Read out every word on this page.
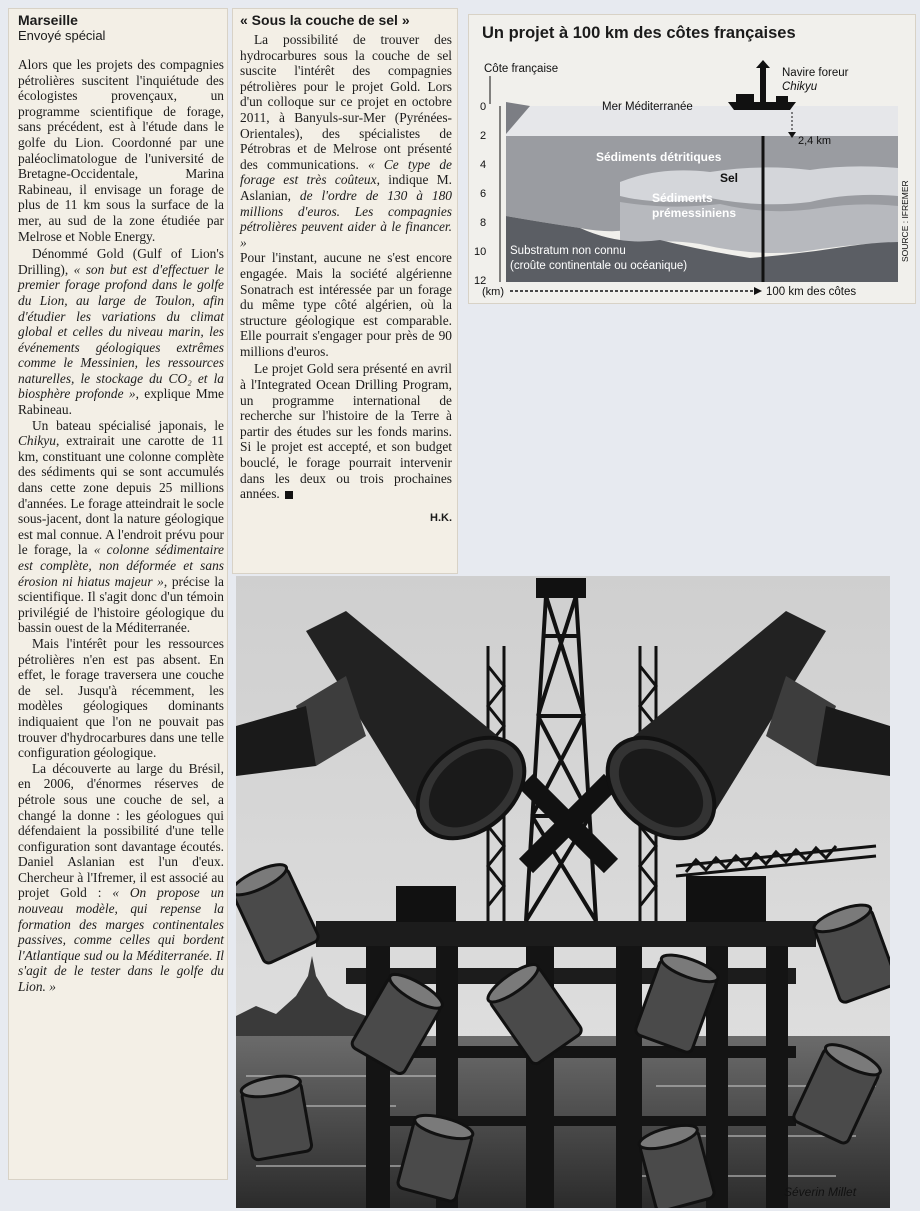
Marseille
Envoyé spécial

Alors que les projets des compagnies pétrolières suscitent l'inquiétude des écologistes provençaux, un programme scientifique de forage, sans précédent, est à l'étude dans le golfe du Lion. Coordonné par une paléoclimatologue de l'université de Bretagne-Occidentale, Marina Rabineau, il envisage un forage de plus de 11 km sous la surface de la mer, au sud de la zone étudiée par Melrose et Noble Energy.

Dénommé Gold (Gulf of Lion's Drilling), « son but est d'effectuer le premier forage profond dans le golfe du Lion, au large de Toulon, afin d'étudier les variations du climat global et celles du niveau marin, les événements géologiques extrêmes comme le Messinien, les ressources naturelles, le stockage du CO₂ et la biosphère profonde », explique Mme Rabineau.

Un bateau spécialisé japonais, le Chikyu, extrairait une carotte de 11 km, constituant une colonne complète des sédiments qui se sont accumulés dans cette zone depuis 25 millions d'années. Le forage atteindrait le socle sous-jacent, dont la nature géologique est mal connue. A l'endroit prévu pour le forage, la « colonne sédimentaire est complète, non déformée et sans érosion ni hiatus majeur », précise la scientifique. Il s'agit donc d'un témoin privilégié de l'histoire géologique du bassin ouest de la Méditerranée.

Mais l'intérêt pour les ressources pétrolières n'en est pas absent. En effet, le forage traversera une couche de sel. Jusqu'à récemment, les modèles géologiques dominants indiquaient que l'on ne pouvait pas trouver d'hydrocarbures dans une telle configuration géologique.

La découverte au large du Brésil, en 2006, d'énormes réserves de pétrole sous une couche de sel, a changé la donne : les géologues qui défendaient la possibilité d'une telle configuration sont davantage écoutés. Daniel Aslanian est l'un d'eux. Chercheur à l'Ifremer, il est associé au projet Gold : « On propose un nouveau modèle, qui repense la formation des marges continentales passives, comme celles qui bordent l'Atlantique sud ou la Méditerranée. Il s'agit de le tester dans le golfe du Lion. »

« Sous la couche de sel »

La possibilité de trouver des hydrocarbures sous la couche de sel suscite l'intérêt des compagnies pétrolières pour le projet Gold. Lors d'un colloque sur ce projet en octobre 2011, à Banyuls-sur-Mer (Pyrénées-Orientales), des spécialistes de Pétrobras et de Melrose ont présenté des communications. « Ce type de forage est très coûteux, indique M. Aslanian, de l'ordre de 130 à 180 millions d'euros. Les compagnies pétrolières peuvent aider à le financer. »

Pour l'instant, aucune ne s'est encore engagée. Mais la société algérienne Sonatrach est intéressée par un forage du même type côté algérien, où la structure géologique est comparable. Elle pourrait s'engager pour près de 90 millions d'euros.

Le projet Gold sera présenté en avril à l'Integrated Ocean Drilling Program, un programme international de recherche sur l'histoire de la Terre à partir des études sur les fonds marins. Si le projet est accepté, et son budget bouclé, le forage pourrait intervenir dans les deux ou trois prochaines années.

H.K.
Un projet à 100 km des côtes françaises
0
2
4
6
8
10
12
Côte française	Navire foreur
Chikyu
Mer Méditerranée
2,4 km
Sédiments détritiques
Sel
Sédiments
prémessiniens
Substratum non connu
(croûte continentale ou océanique)
SOURCE : IFREMER
(km)	100 km des côtes
Séverin Millet
